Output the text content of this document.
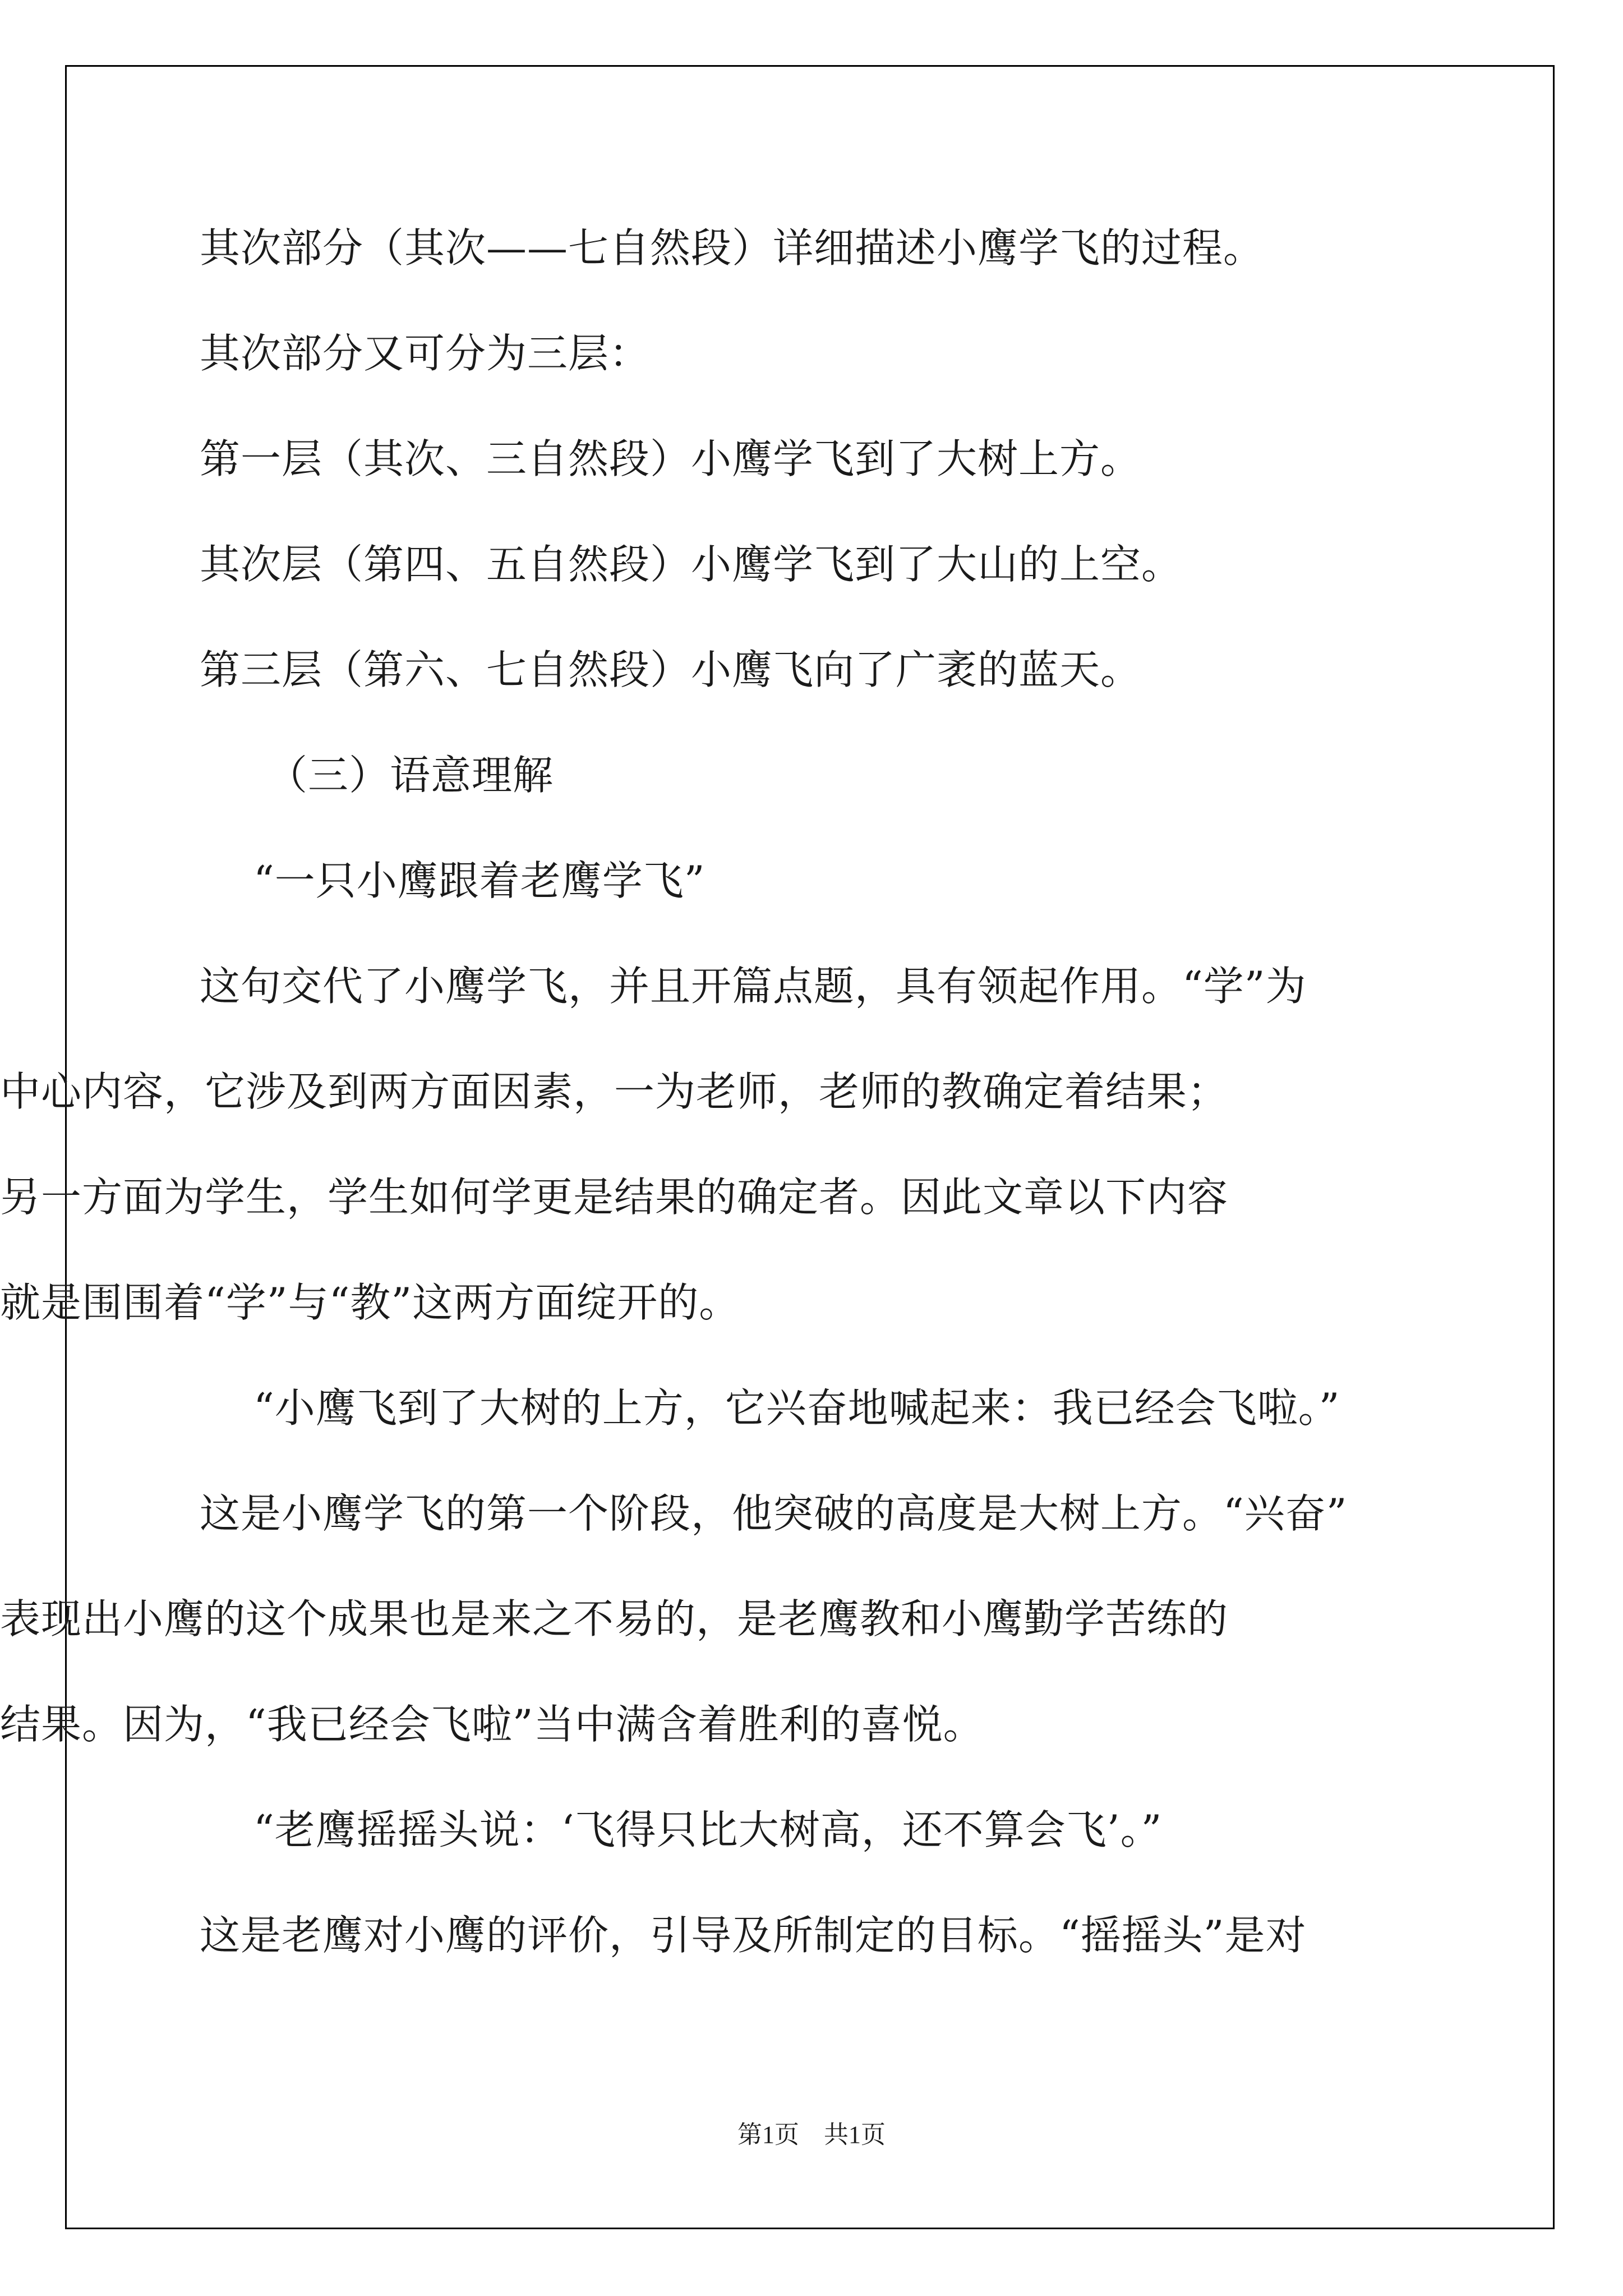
其次部分（其次——七自然段）详细描述小鹰学飞的过程。
其次部分又可分为三层：
第一层（其次、三自然段）小鹰学飞到了大树上方。
其次层（第四、五自然段）小鹰学飞到了大山的上空。
第三层（第六、七自然段）小鹰飞向了广袤的蓝天。
（三）语意理解
“一只小鹰跟着老鹰学飞”
这句交代了小鹰学飞，并且开篇点题，具有领起作用。“学”为
中心内容，它涉及到两方面因素，一为老师，老师的教确定着结果；
另一方面为学生，学生如何学更是结果的确定者。因此文章以下内容
就是围围着“学”与“教”这两方面绽开的。
“小鹰飞到了大树的上方，它兴奋地喊起来：我已经会飞啦。”
这是小鹰学飞的第一个阶段，他突破的高度是大树上方。“兴奋”
表现出小鹰的这个成果也是来之不易的，是老鹰教和小鹰勤学苦练的
结果。因为，“我已经会飞啦”当中满含着胜利的喜悦。
“老鹰摇摇头说：‘飞得只比大树高，还不算会飞’。”
这是老鹰对小鹰的评价，引导及所制定的目标。“摇摇头”是对
第1页 共1页
